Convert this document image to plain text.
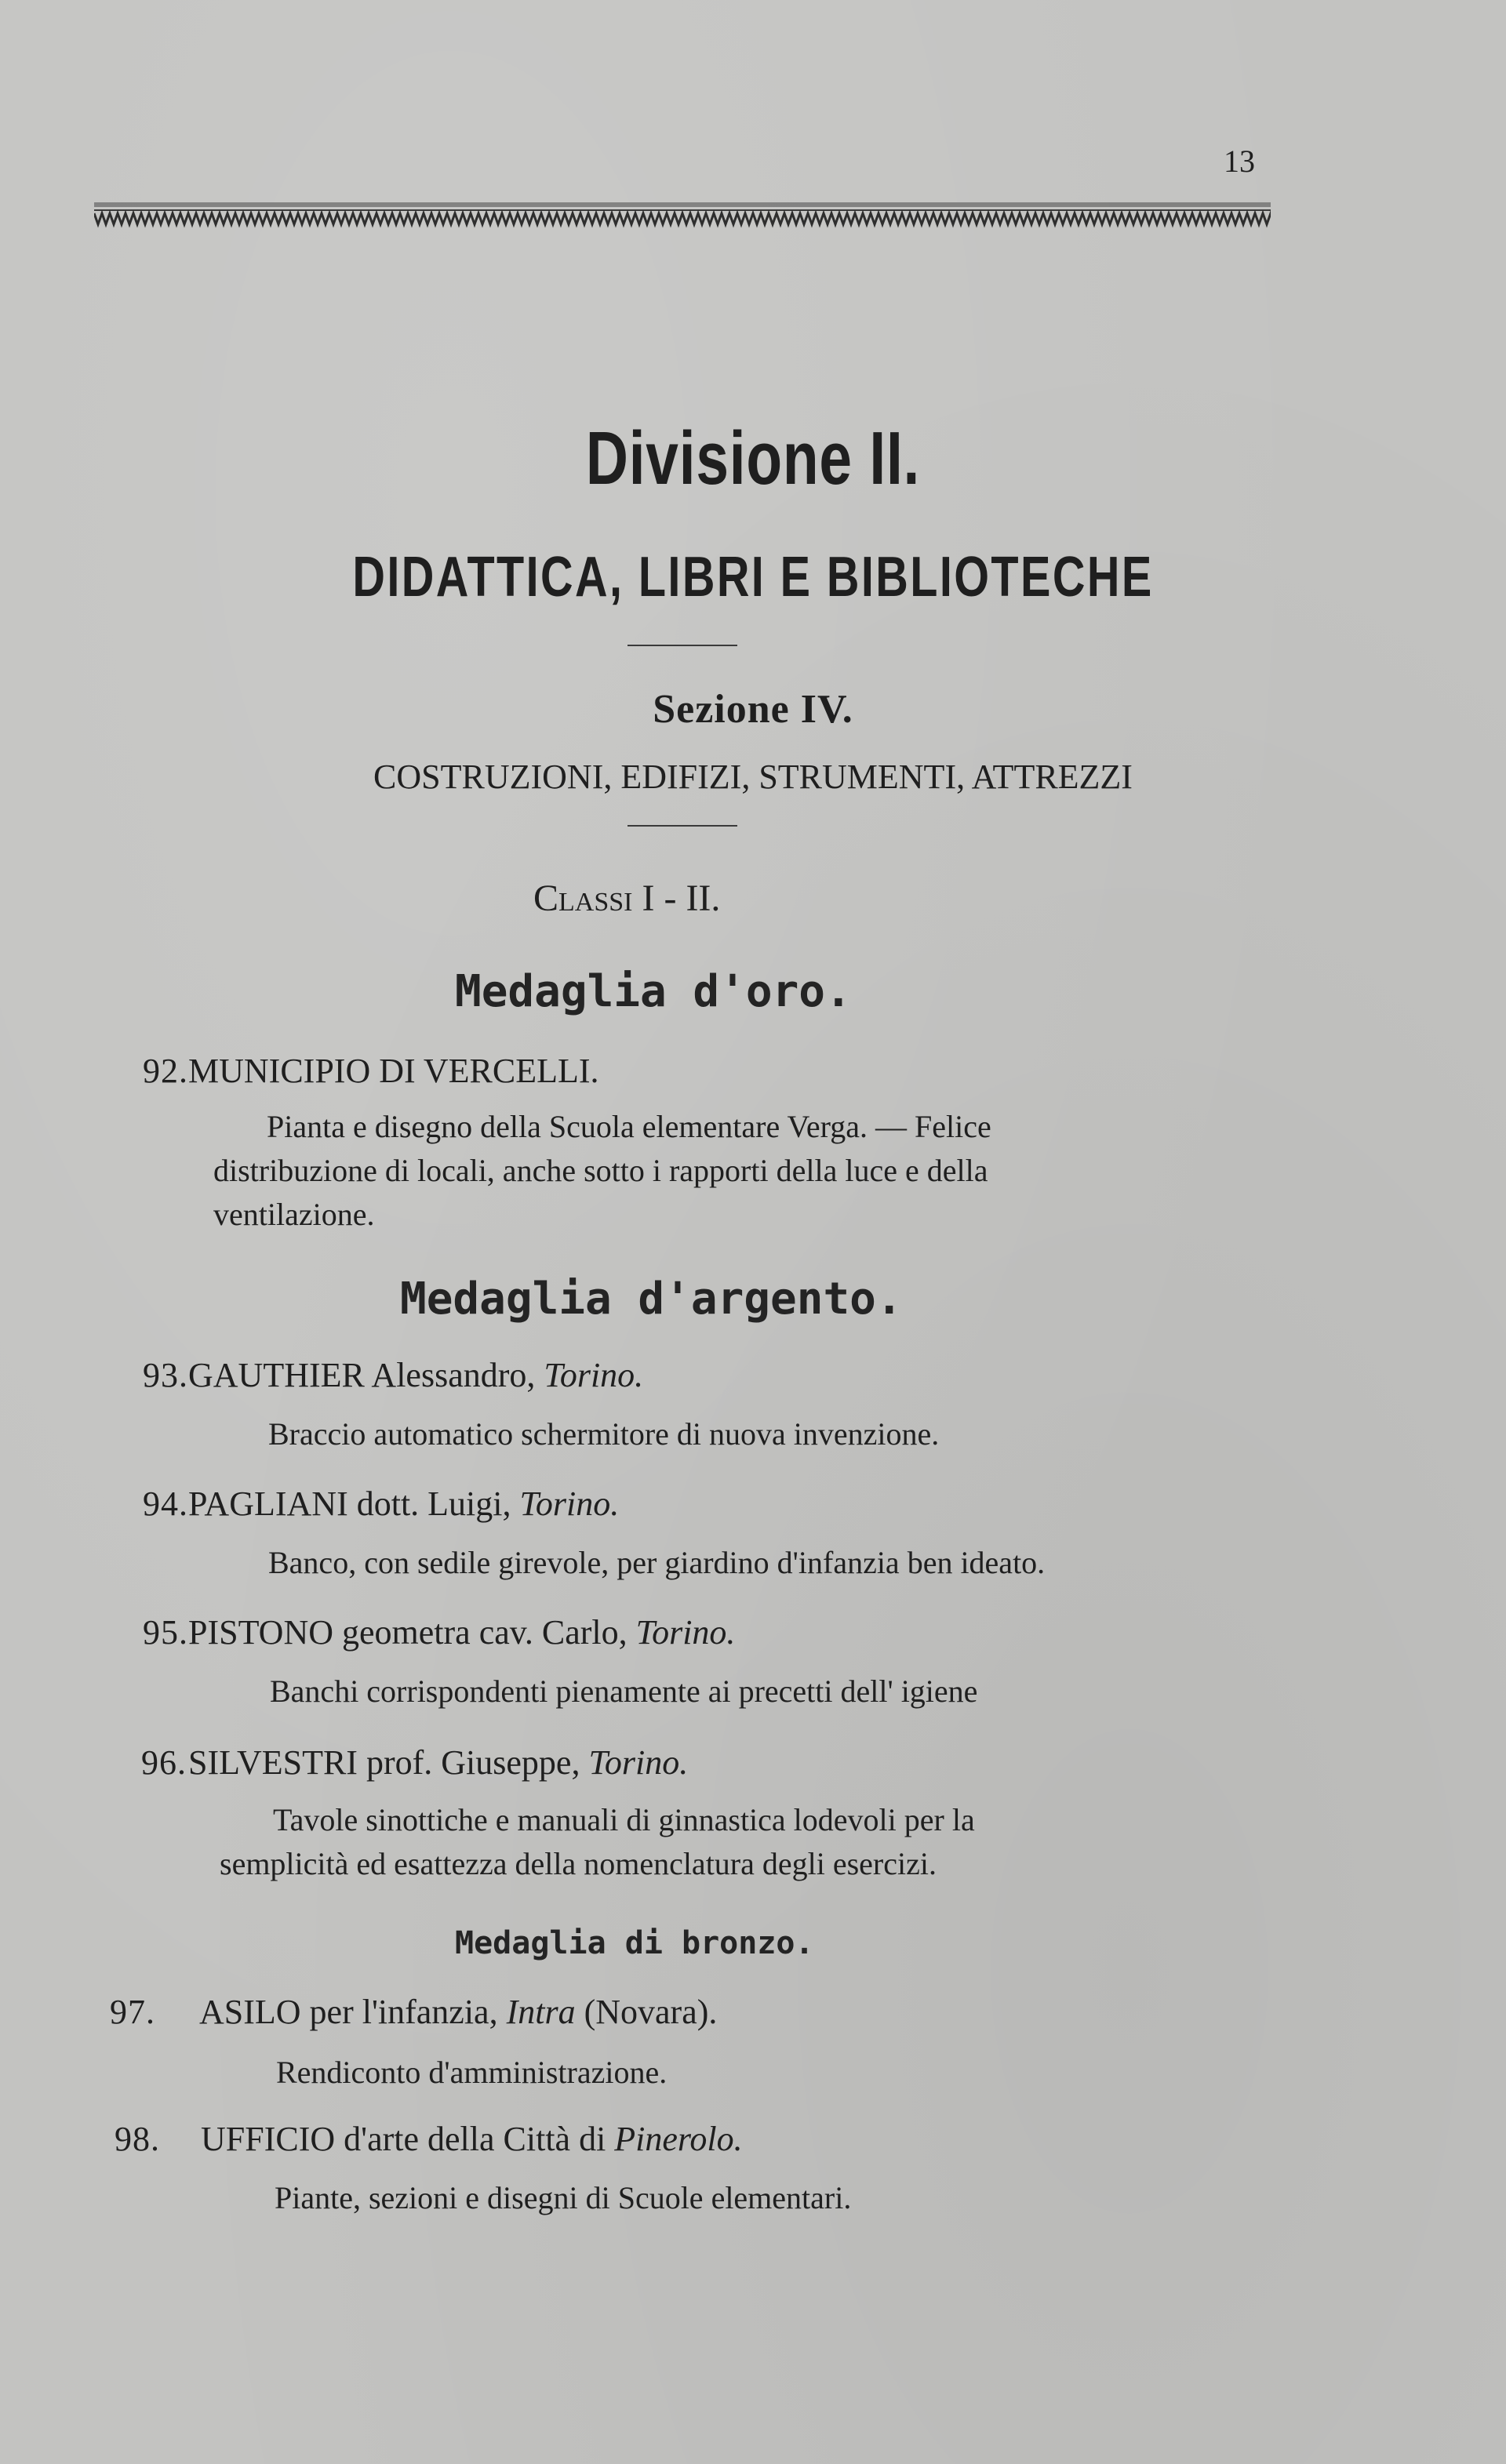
13
Divisione II.
DIDATTICA, LIBRI E BIBLIOTECHE
Sezione IV.
COSTRUZIONI, EDIFIZI, STRUMENTI, ATTREZZI
Classi I - II.
Medaglia d'oro.
92. MUNICIPIO DI VERCELLI.
Pianta e disegno della Scuola elementare Verga. — Felice
distribuzione di locali, anche sotto i rapporti della luce e della
ventilazione.
Medaglia d'argento.
93. GAUTHIER Alessandro, Torino.
Braccio automatico schermitore di nuova invenzione.
94. PAGLIANI dott. Luigi, Torino.
Banco, con sedile girevole, per giardino d'infanzia ben ideato.
95. PISTONO geometra cav. Carlo, Torino.
Banchi corrispondenti pienamente ai precetti dell' igiene
96. SILVESTRI prof. Giuseppe, Torino.
Tavole sinottiche e manuali di ginnastica lodevoli per la
semplicità ed esattezza della nomenclatura degli esercizi.
Medaglia di bronzo.
97. ASILO per l'infanzia, Intra (Novara).
Rendiconto d'amministrazione.
98. UFFICIO d'arte della Città di Pinerolo.
Piante, sezioni e disegni di Scuole elementari.
